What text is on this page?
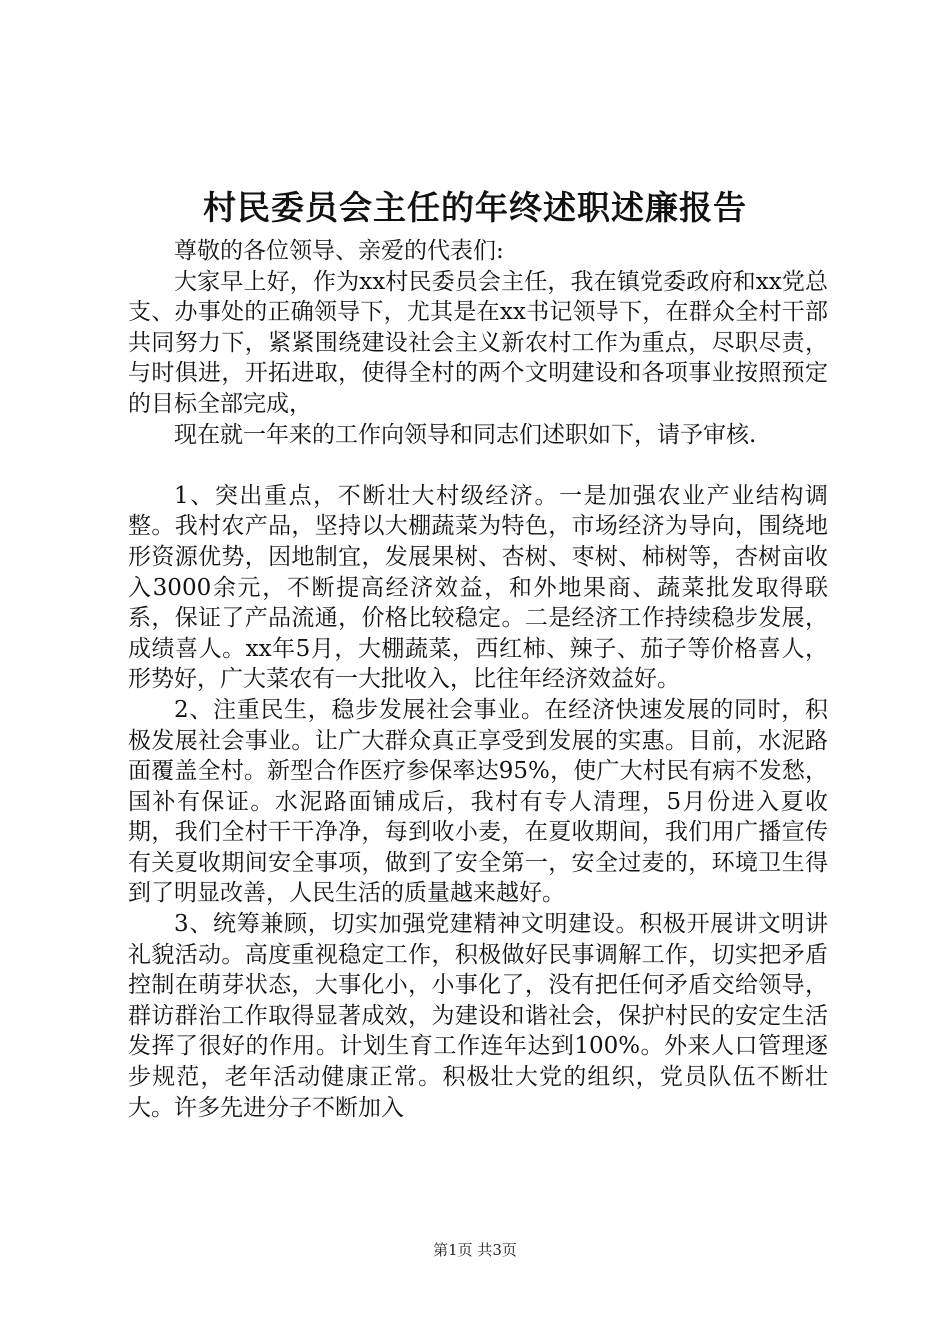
村民委员会主任的年终述职述廉报告

尊敬的各位领导、亲爱的代表们:

大家早上好，作为xx村民委员会主任，我在镇党委政府和xx党总支、办事处的正确领导下，尤其是在xx书记领导下，在群众全村干部共同努力下，紧紧围绕建设社会主义新农村工作为重点，尽职尽责，与时俱进，开拓进取，使得全村的两个文明建设和各项事业按照预定的目标全部完成，

现在就一年来的工作向领导和同志们述职如下，请予审核.

1、突出重点，不断壮大村级经济。一是加强农业产业结构调整。我村农产品，坚持以大棚蔬菜为特色，市场经济为导向，围绕地形资源优势，因地制宜，发展果树、杏树、枣树、柿树等，杏树亩收入3000余元，不断提高经济效益，和外地果商、蔬菜批发取得联系，保证了产品流通，价格比较稳定。二是经济工作持续稳步发展，成绩喜人。xx年5月，大棚蔬菜，西红柿、辣子、茄子等价格喜人，形势好，广大菜农有一大批收入，比往年经济效益好。

2、注重民生，稳步发展社会事业。在经济快速发展的同时，积极发展社会事业。让广大群众真正享受到发展的实惠。目前，水泥路面覆盖全村。新型合作医疗参保率达95%，使广大村民有病不发愁，国补有保证。水泥路面铺成后，我村有专人清理，5月份进入夏收期，我们全村干干净净，每到收小麦，在夏收期间，我们用广播宣传有关夏收期间安全事项，做到了安全第一，安全过麦的，环境卫生得到了明显改善，人民生活的质量越来越好。

3、统筹兼顾，切实加强党建精神文明建设。积极开展讲文明讲礼貌活动。高度重视稳定工作，积极做好民事调解工作，切实把矛盾控制在萌芽状态，大事化小，小事化了，没有把任何矛盾交给领导，群访群治工作取得显著成效，为建设和谐社会，保护村民的安定生活发挥了很好的作用。计划生育工作连年达到100%。外来人口管理逐步规范，老年活动健康正常。积极壮大党的组织，党员队伍不断壮大。许多先进分子不断加入

第1页 共3页
